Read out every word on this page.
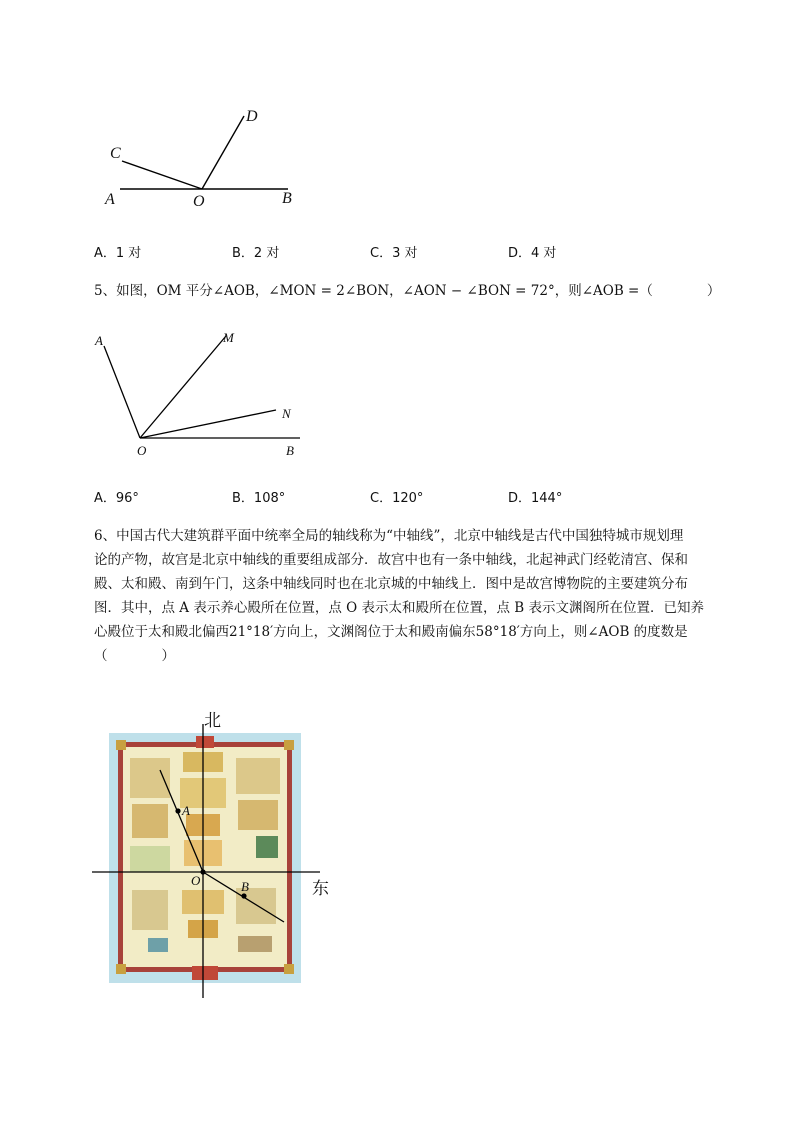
A	O	B
C
D
A．1 对	B．2 对	C．3 对	D．4 对
5、如图，OM 平分∠AOB，∠MON = 2∠BON，∠AON − ∠BON = 72°，则∠AOB =（　　　　）
A	M
N
O	B
A．96°	B．108°	C．120°	D．144°
6、中国古代大建筑群平面中统率全局的轴线称为“中轴线”，北京中轴线是古代中国独特城市规划理
论的产物，故宫是北京中轴线的重要组成部分．故宫中也有一条中轴线，北起神武门经乾清宫、保和
殿、太和殿、南到午门，这条中轴线同时也在北京城的中轴线上．图中是故宫博物院的主要建筑分布
图．其中，点 A 表示养心殿所在位置，点 O 表示太和殿所在位置，点 B 表示文渊阁所在位置．已知养
心殿位于太和殿北偏西21°18′方向上，文渊阁位于太和殿南偏东58°18′方向上，则∠AOB 的度数是
（　　　　）
北
东
A
O	B
